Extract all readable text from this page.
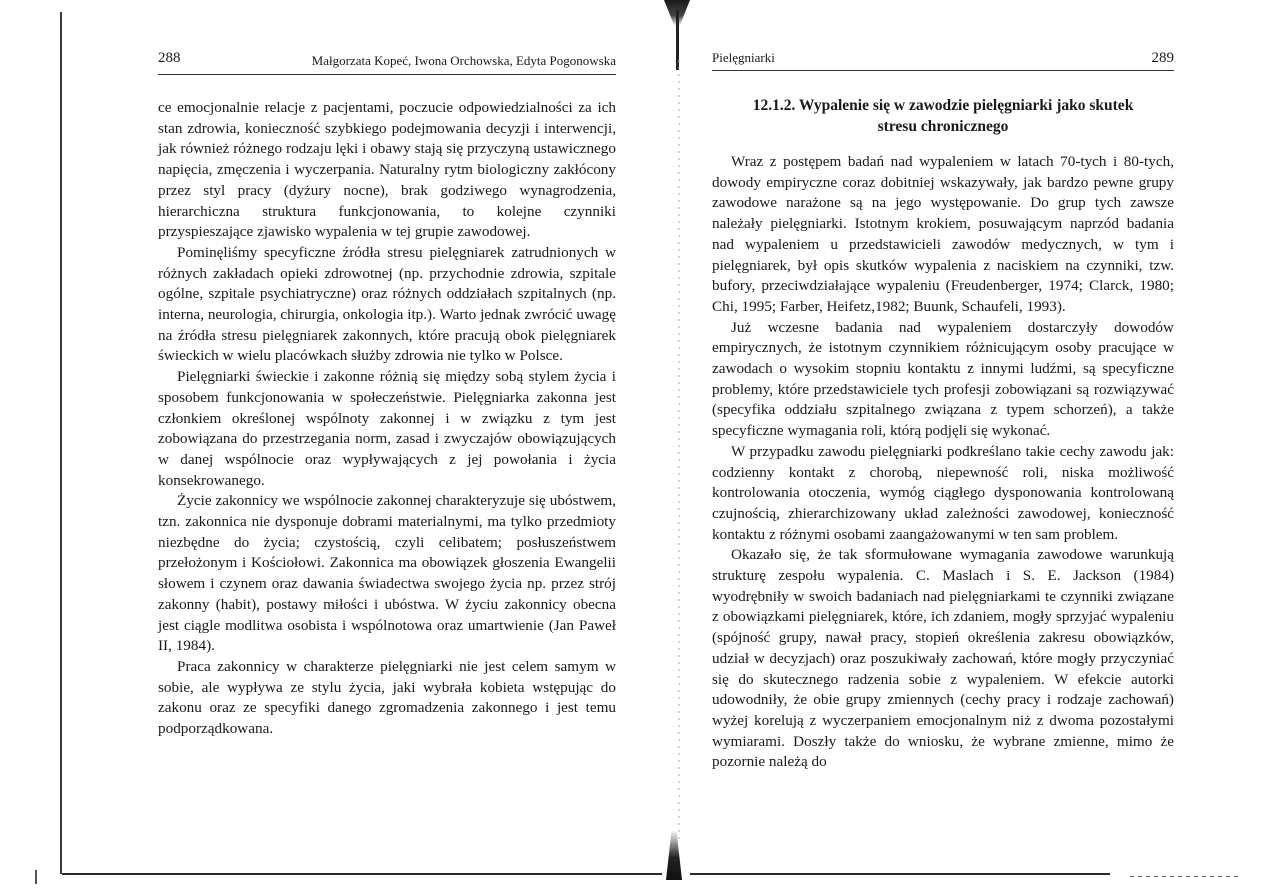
288	Małgorzata Kopeć, Iwona Orchowska, Edyta Pogonowska

ce emocjonalnie relacje z pacjentami, poczucie odpowiedzialności za ich stan zdrowia, konieczność szybkiego podejmowania decyzji i interwencji, jak również różnego rodzaju lęki i obawy stają się przyczyną ustawicznego napięcia, zmęczenia i wyczerpania. Naturalny rytm biologiczny zakłócony przez styl pracy (dyżury nocne), brak godziwego wynagrodzenia, hierarchiczna struktura funkcjonowania, to kolejne czynniki przyspieszające zjawisko wypalenia w tej grupie zawodowej.

Pominęliśmy specyficzne źródła stresu pielęgniarek zatrudnionych w różnych zakładach opieki zdrowotnej (np. przychodnie zdrowia, szpitale ogólne, szpitale psychiatryczne) oraz różnych oddziałach szpitalnych (np. interna, neurologia, chirurgia, onkologia itp.). Warto jednak zwrócić uwagę na źródła stresu pielęgniarek zakonnych, które pracują obok pielęgniarek świeckich w wielu placówkach służby zdrowia nie tylko w Polsce.

Pielęgniarki świeckie i zakonne różnią się między sobą stylem życia i sposobem funkcjonowania w społeczeństwie. Pielęgniarka zakonna jest członkiem określonej wspólnoty zakonnej i w związku z tym jest zobowiązana do przestrzegania norm, zasad i zwyczajów obowiązujących w danej wspólnocie oraz wypływających z jej powołania i życia konsekrowanego.

Życie zakonnicy we wspólnocie zakonnej charakteryzuje się ubóstwem, tzn. zakonnica nie dysponuje dobrami materialnymi, ma tylko przedmioty niezbędne do życia; czystością, czyli celibatem; posłuszeństwem przełożonym i Kościołowi. Zakonnica ma obowiązek głoszenia Ewangelii słowem i czynem oraz dawania świadectwa swojego życia np. przez strój zakonny (habit), postawy miłości i ubóstwa. W życiu zakonnicy obecna jest ciągle modlitwa osobista i wspólnotowa oraz umartwienie (Jan Paweł II, 1984).

Praca zakonnicy w charakterze pielęgniarki nie jest celem samym w sobie, ale wypływa ze stylu życia, jaki wybrała kobieta wstępując do zakonu oraz ze specyfiki danego zgromadzenia zakonnego i jest temu podporządkowana.

Pielęgniarki	289
12.1.2. Wypalenie się w zawodzie pielęgniarki jako skutek
stresu chronicznego

Wraz z postępem badań nad wypaleniem w latach 70-tych i 80-tych, dowody empiryczne coraz dobitniej wskazywały, jak bardzo pewne grupy zawodowe narażone są na jego występowanie. Do grup tych zawsze należały pielęgniarki. Istotnym krokiem, posuwającym naprzód badania nad wypaleniem u przedstawicieli zawodów medycznych, w tym i pielęgniarek, był opis skutków wypalenia z naciskiem na czynniki, tzw. bufory, przeciwdziałające wypaleniu (Freudenberger, 1974; Clarck, 1980; Chi, 1995; Farber, Heifetz,1982; Buunk, Schaufeli, 1993).

Już wczesne badania nad wypaleniem dostarczyły dowodów empirycznych, że istotnym czynnikiem różnicującym osoby pracujące w zawodach o wysokim stopniu kontaktu z innymi ludźmi, są specyficzne problemy, które przedstawiciele tych profesji zobowiązani są rozwiązywać (specyfika oddziału szpitalnego związana z typem schorzeń), a także specyficzne wymagania roli, którą podjęli się wykonać.

W przypadku zawodu pielęgniarki podkreślano takie cechy zawodu jak: codzienny kontakt z chorobą, niepewność roli, niska możliwość kontrolowania otoczenia, wymóg ciągłego dysponowania kontrolowaną czujnością, zhierarchizowany układ zależności zawodowej, konieczność kontaktu z różnymi osobami zaangażowanymi w ten sam problem.

Okazało się, że tak sformułowane wymagania zawodowe warunkują strukturę zespołu wypalenia. C. Maslach i S. E. Jackson (1984) wyodrębniły w swoich badaniach nad pielęgniarkami te czynniki związane z obowiązkami pielęgniarek, które, ich zdaniem, mogły sprzyjać wypaleniu (spójność grupy, nawał pracy, stopień określenia zakresu obowiązków, udział w decyzjach) oraz poszukiwały zachowań, które mogły przyczyniać się do skutecznego radzenia sobie z wypaleniem. W efekcie autorki udowodniły, że obie grupy zmiennych (cechy pracy i rodzaje zachowań) wyżej korelują z wyczerpaniem emocjonalnym niż z dwoma pozostałymi wymiarami. Doszły także do wniosku, że wybrane zmienne, mimo że pozornie należą do
